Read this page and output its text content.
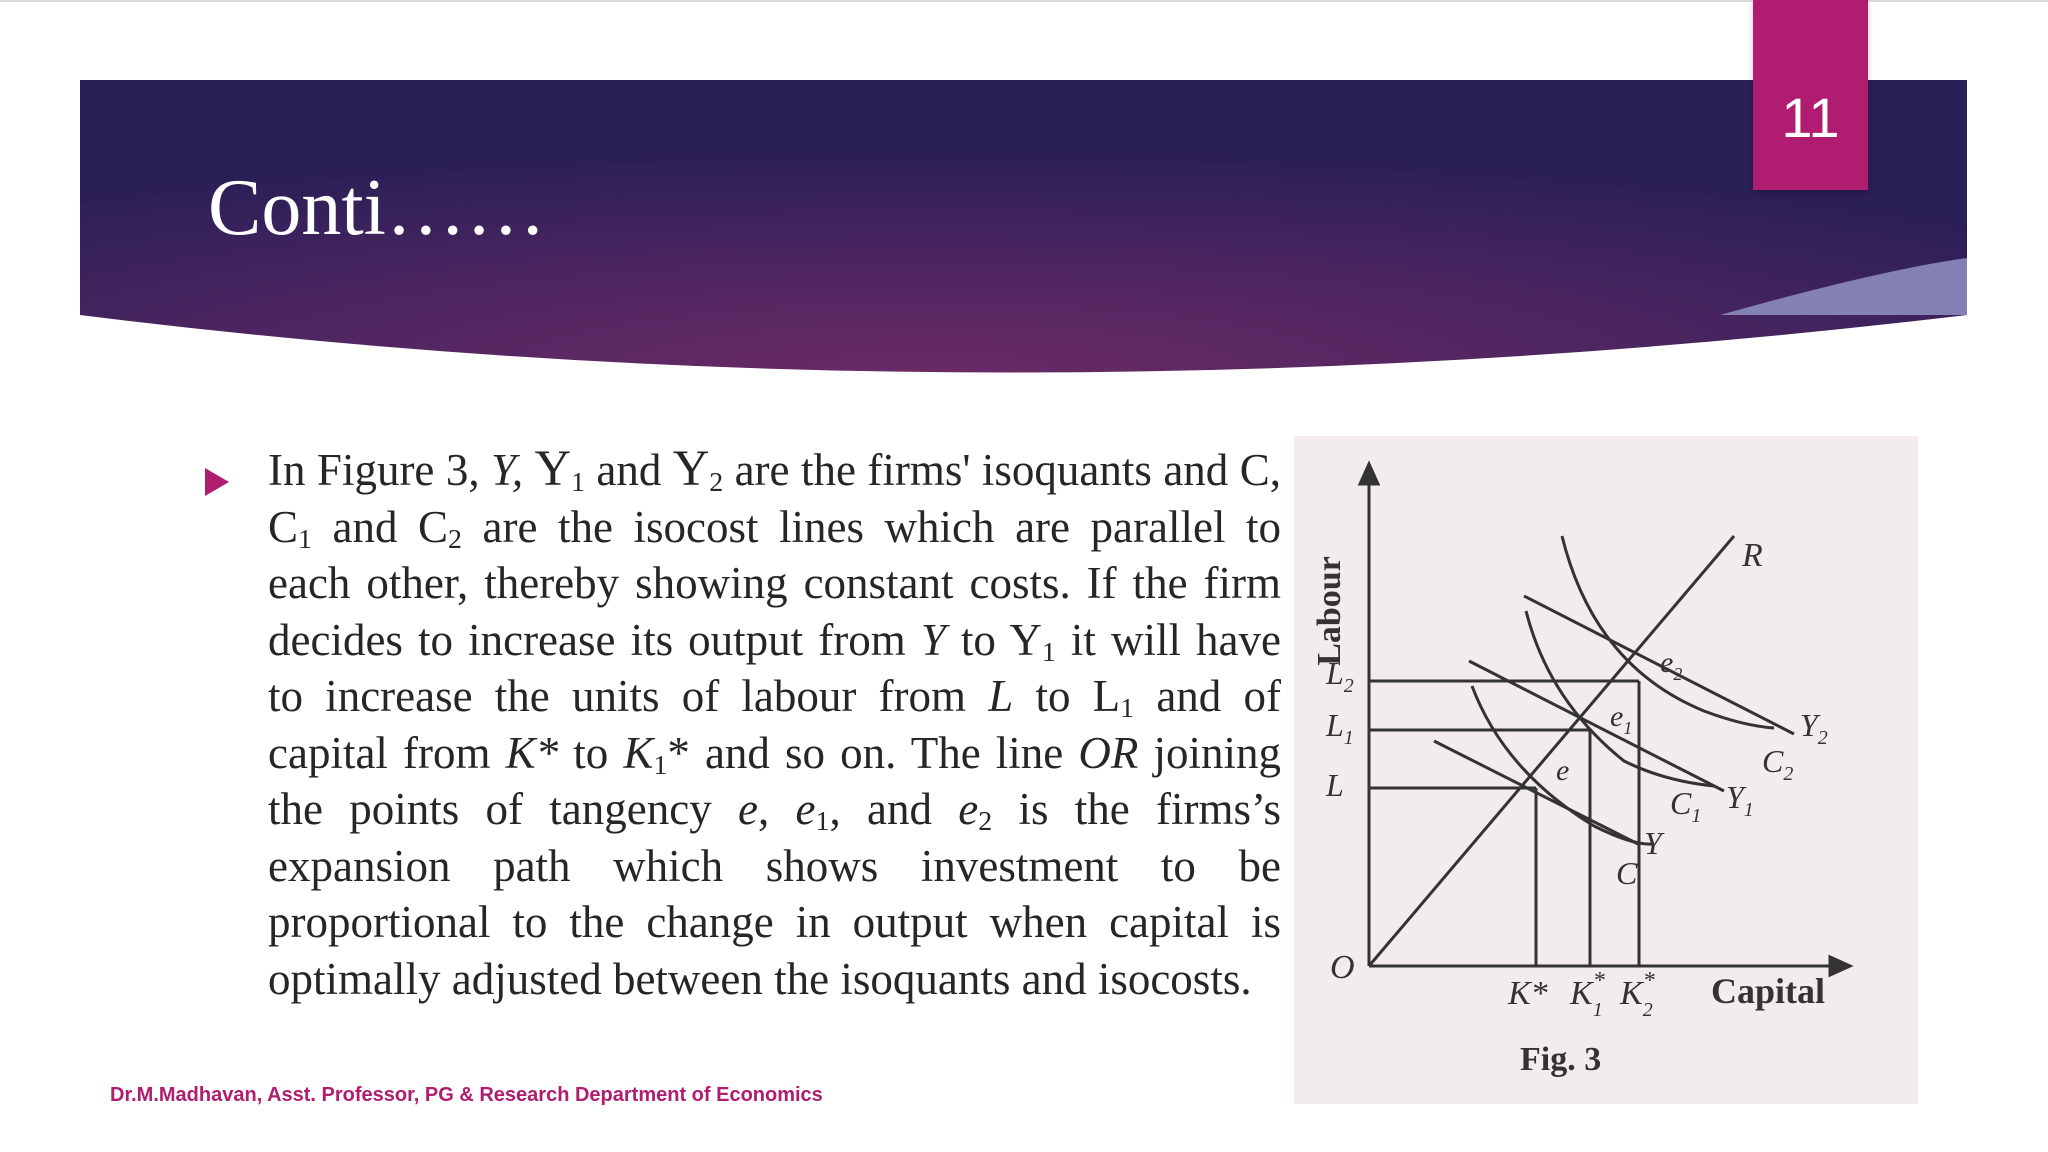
11
Conti……
In Figure 3, Y, $Y_1$ and $Y_2$ are the firms' isoquants and C, $C_1$ and $C_2$ are the isocost lines which are parallel to each other, thereby showing constant costs. If the firm decides to increase its output from Y to $Y_1$ it will have to increase the units of labour from L to $L_1$ and of capital from K* to $K_1*$ and so on. The line OR joining the points of tangency e, $e_1$, and $e_2$ is the firms’s expansion path which shows investment to be proportional to the change in output when capital is optimally adjusted between the isoquants and isocosts.
Dr.M.Madhavan, Asst. Professor, PG & Research Department of Economics
Labour
Capital
Fig. 3
O
R
$L_2$
$L_1$
L
K* K* 1 K* 2
$e_2$
$e_1$
e
$Y_2$
$Y_1$
Y
$C_2$
$C_1$
C
